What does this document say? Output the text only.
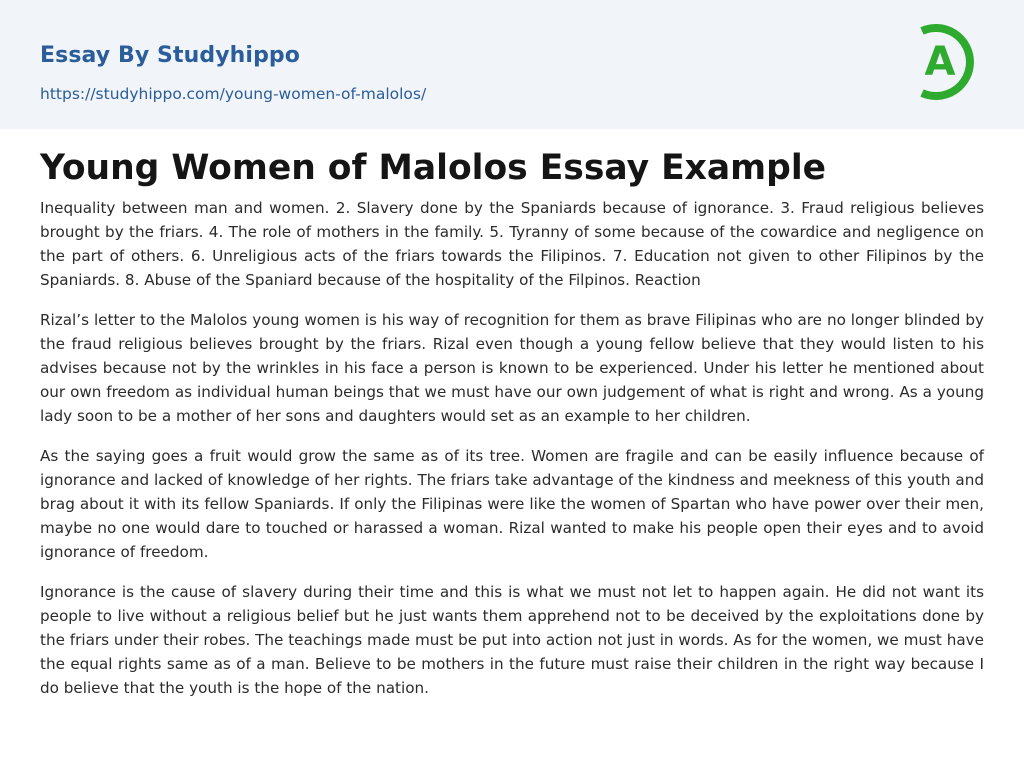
Essay By Studyhippo
https://studyhippo.com/young-women-of-malolos/
A
Young Women of Malolos Essay Example

Inequality between man and women. 2. Slavery done by the Spaniards because of ignorance. 3. Fraud religious believes brought by the friars. 4. The role of mothers in the family. 5. Tyranny of some because of the cowardice and negligence on the part of others. 6. Unreligious acts of the friars towards the Filipinos. 7. Education not given to other Filipinos by the Spaniards. 8. Abuse of the Spaniard because of the hospitality of the Filpinos. Reaction

Rizal’s letter to the Malolos young women is his way of recognition for them as brave Filipinas who are no longer blinded by the fraud religious believes brought by the friars. Rizal even though a young fellow believe that they would listen to his advises because not by the wrinkles in his face a person is known to be experienced. Under his letter he mentioned about our own freedom as individual human beings that we must have our own judgement of what is right and wrong. As a young lady soon to be a mother of her sons and daughters would set as an example to her children.

As the saying goes a fruit would grow the same as of its tree. Women are fragile and can be easily influence because of ignorance and lacked of knowledge of her rights. The friars take advantage of the kindness and meekness of this youth and brag about it with its fellow Spaniards. If only the Filipinas were like the women of Spartan who have power over their men, maybe no one would dare to touched or harassed a woman. Rizal wanted to make his people open their eyes and to avoid ignorance of freedom.

Ignorance is the cause of slavery during their time and this is what we must not let to happen again. He did not want its people to live without a religious belief but he just wants them apprehend not to be deceived by the exploitations done by the friars under their robes. The teachings made must be put into action not just in words. As for the women, we must have the equal rights same as of a man. Believe to be mothers in the future must raise their children in the right way because I do believe that the youth is the hope of the nation.
